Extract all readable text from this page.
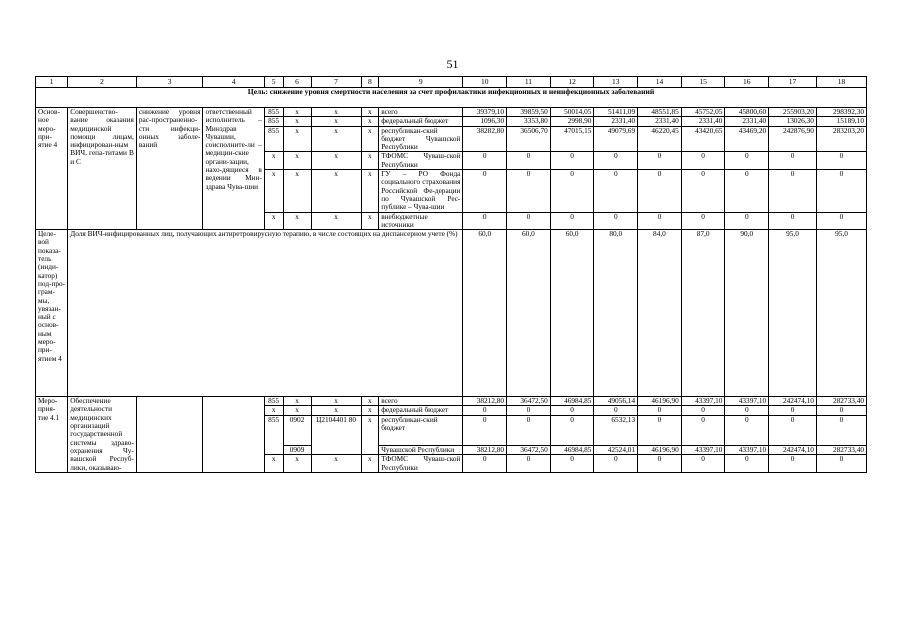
51
1	2	3	4	5	6	7	8	9	10	11	12	13	14	15	16	17	18
Цель: снижение уровня смертности населения за счет профилактики инфекционных и неинфекционных заболеваний																	
Основ-ное меро-при-ятие 4	Совершенство-вание оказания медицинской помощи лицам, инфицирован-ным ВИЧ, гепа-титами В и С	снижение уровня рас-пространенно-сти инфекци-онных заболе-ваний	ответственный исполнитель – Минздрав Чувашии, соисполните-ли – медицин-ские органи-зации, нахо-дящиеся в ведении Мин-здрава Чува-шии	855	x	x	x	всего	39379,10	39859,50	50014,05	51411,09	48551,85	45752,05	45800,60	255903,20	298392,30
				855	x	x	x	федеральный бюджет	1096,30	3353,80	2998,90	2331,40	2331,40	2331,40	2331,40	13026,30	15189,10
				855	x	x	x	республикан-ский бюджет Чувашской Республики	38282,80	36506,70	47015,15	49079,69	46220,45	43420,65	43469,20	242876,90	283203,20
				x	x	x	x	ТФОМС Чуваш-ской Республики	0	0	0	0	0	0	0	0	0
				x	x	x	x	ГУ – РО Фонда социального страхования Российской Фе-дерации по Чувашской Рес-публике – Чува-шии	0	0	0	0	0	0	0	0	0
				x	x	x	x	внебюджетные источники	0	0	0	0	0	0	0	0	0
Целе-вой показа-тель (инди-катор) под-про-грам-мы, увязан-ный с основ-ным меро-при-ятием 4	Доля ВИЧ-инфицированных лиц, получающих антиретровирусную терапию, в числе состоящих на диспансерном учете (%)								60,0	60,0	60,0	80,0	84,0	87,0	90,0	95,0	95,0
Меро-прия-тие 4.1	Обеспечение деятельности медицинских организаций государственной системы здраво-охранения Чу-вашской Респуб-лики, оказываю-			855	x	x	x	всего	38212,80	36472,50	46984,85	49056,14	46196,90	43397,10	43397,10	242474,10	282733,40
				x	x	x	x	федеральный бюджет	0	0	0	0	0	0	0	0	0
				855	0902	Ц2104401 80	x	республикан-ский бюджет	0	0	0	6532,13	0	0	0	0	0
					0909			Чувашской Республики	38212,80	36472,50	46984,85	42524,01	46196,90	43397,10	43397,10	242474,10	282733,40
				x	x	x	x	ТФОМС Чуваш-ской Республики	0	0	0	0	0	0	0	0	0
